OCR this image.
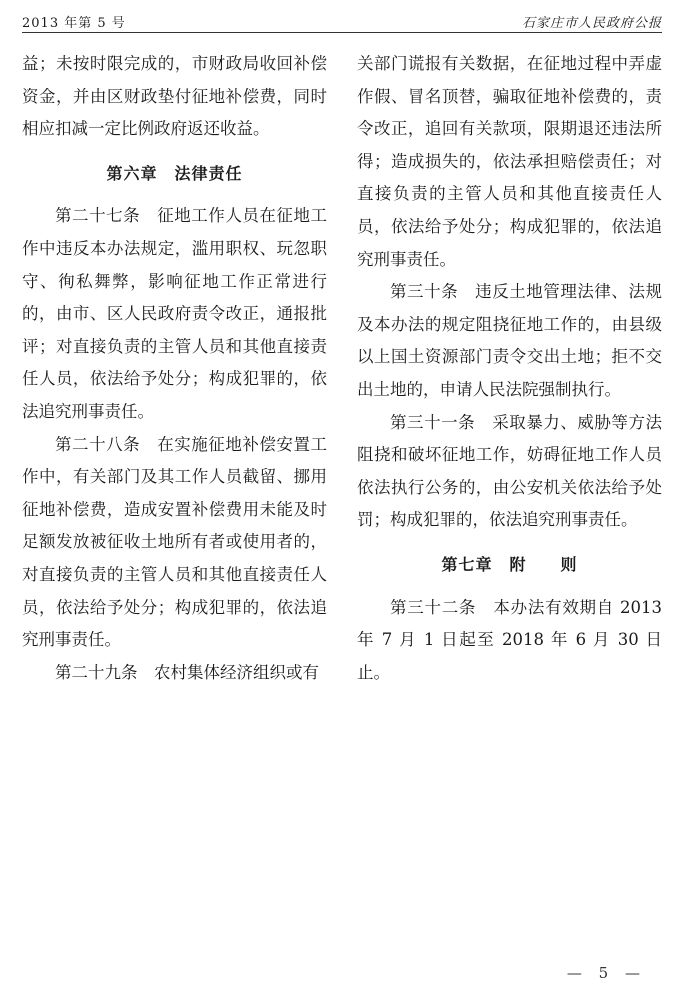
2013 年第 5 号	石家庄市人民政府公报

益；未按时限完成的，市财政局收回补偿资金，并由区财政垫付征地补偿费，同时相应扣减一定比例政府返还收益。

第六章　法律责任

第二十七条　征地工作人员在征地工作中违反本办法规定，滥用职权、玩忽职守、徇私舞弊，影响征地工作正常进行的，由市、区人民政府责令改正，通报批评；对直接负责的主管人员和其他直接责任人员，依法给予处分；构成犯罪的，依法追究刑事责任。

第二十八条　在实施征地补偿安置工作中，有关部门及其工作人员截留、挪用征地补偿费，造成安置补偿费用未能及时足额发放被征收土地所有者或使用者的，对直接负责的主管人员和其他直接责任人员，依法给予处分；构成犯罪的，依法追究刑事责任。

第二十九条　农村集体经济组织或有

关部门谎报有关数据，在征地过程中弄虚作假、冒名顶替，骗取征地补偿费的，责令改正，追回有关款项，限期退还违法所得；造成损失的，依法承担赔偿责任；对直接负责的主管人员和其他直接责任人员，依法给予处分；构成犯罪的，依法追究刑事责任。

第三十条　违反土地管理法律、法规及本办法的规定阻挠征地工作的，由县级以上国土资源部门责令交出土地；拒不交出土地的，申请人民法院强制执行。

第三十一条　采取暴力、威胁等方法阻挠和破坏征地工作，妨碍征地工作人员依法执行公务的，由公安机关依法给予处罚；构成犯罪的，依法追究刑事责任。

第七章　附　　则

第三十二条　本办法有效期自 2013 年 7 月 1 日起至 2018 年 6 月 30 日止。

— 5 —
